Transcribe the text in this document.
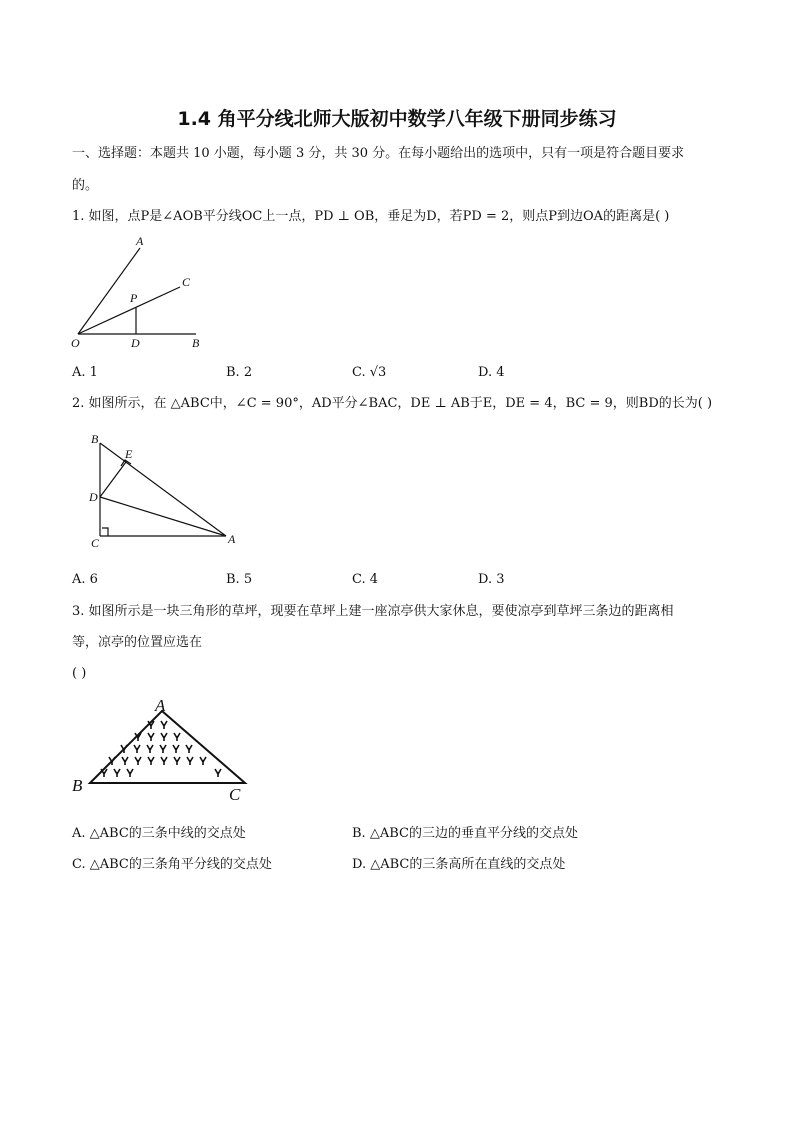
1.4 角平分线北师大版初中数学八年级下册同步练习
一、选择题：本题共 10 小题，每小题 3 分，共 30 分。在每小题给出的选项中，只有一项是符合题目要求
的。
1. 如图，点P是∠AOB平分线OC上一点，PD ⊥ OB，垂足为D，若PD = 2，则点P到边OA的距离是( )
A
C
P
O	D	B
A. 1	B. 2	C. √3	D. 4
2. 如图所示，在 △ABC中，∠C = 90°，AD平分∠BAC，DE ⊥ AB于E，DE = 4，BC = 9，则BD的长为( )
B
E
D
C	A
A. 6	B. 5	C. 4	D. 3
3. 如图所示是一块三角形的草坪，现要在草坪上建一座凉亭供大家休息，要使凉亭到草坪三条边的距离相
等，凉亭的位置应选在
( )
A
B	C
A. △ABC的三条中线的交点处	B. △ABC的三边的垂直平分线的交点处
C. △ABC的三条角平分线的交点处	D. △ABC的三条高所在直线的交点处
